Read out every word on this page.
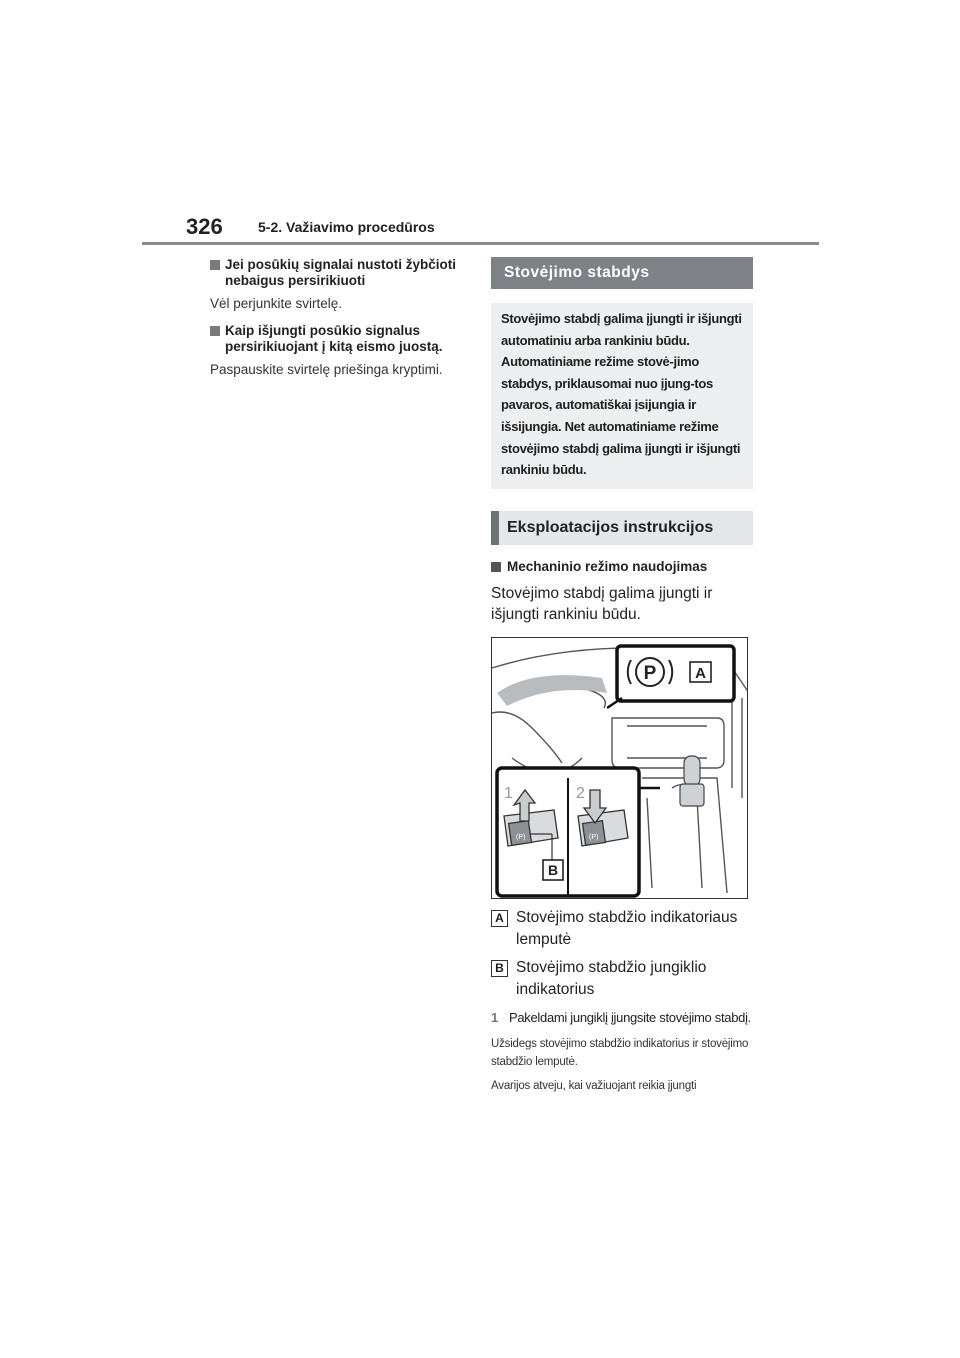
326	5-2. Važiavimo procedūros
Jei posūkių signalai nustoti žybčioti nebaigus persirikiuoti

Vėl perjunkite svirtelę.

Kaip išjungti posūkio signalus persirikiuojant į kitą eismo juostą.

Paspauskite svirtelę priešinga kryptimi.

Stovėjimo stabdys

Stovėjimo stabdį galima įjungti ir išjungti automatiniu arba rankiniu būdu. Automatiniame režime stovė-jimo stabdys, priklausomai nuo įjung-tos pavaros, automatiškai įsijungia ir išsijungia. Net automatiniame režime stovėjimo stabdį galima įjungti ir išjungti rankiniu būdu.

Eksploatacijos instrukcijos
Mechaninio režimo naudojimas

Stovėjimo stabdį galima įjungti ir išjungti rankiniu būdu.

P	A
1	2
(P)
B
(P)
A Stovėjimo stabdžio indikatoriaus lemputė
B Stovėjimo stabdžio jungiklio indikatorius
1 Pakeldami jungiklį įjungsite stovėjimo stabdį.

Užsidegs stovėjimo stabdžio indikatorius ir stovėjimo stabdžio lemputė.

Avarijos atveju, kai važiuojant reikia įjungti
